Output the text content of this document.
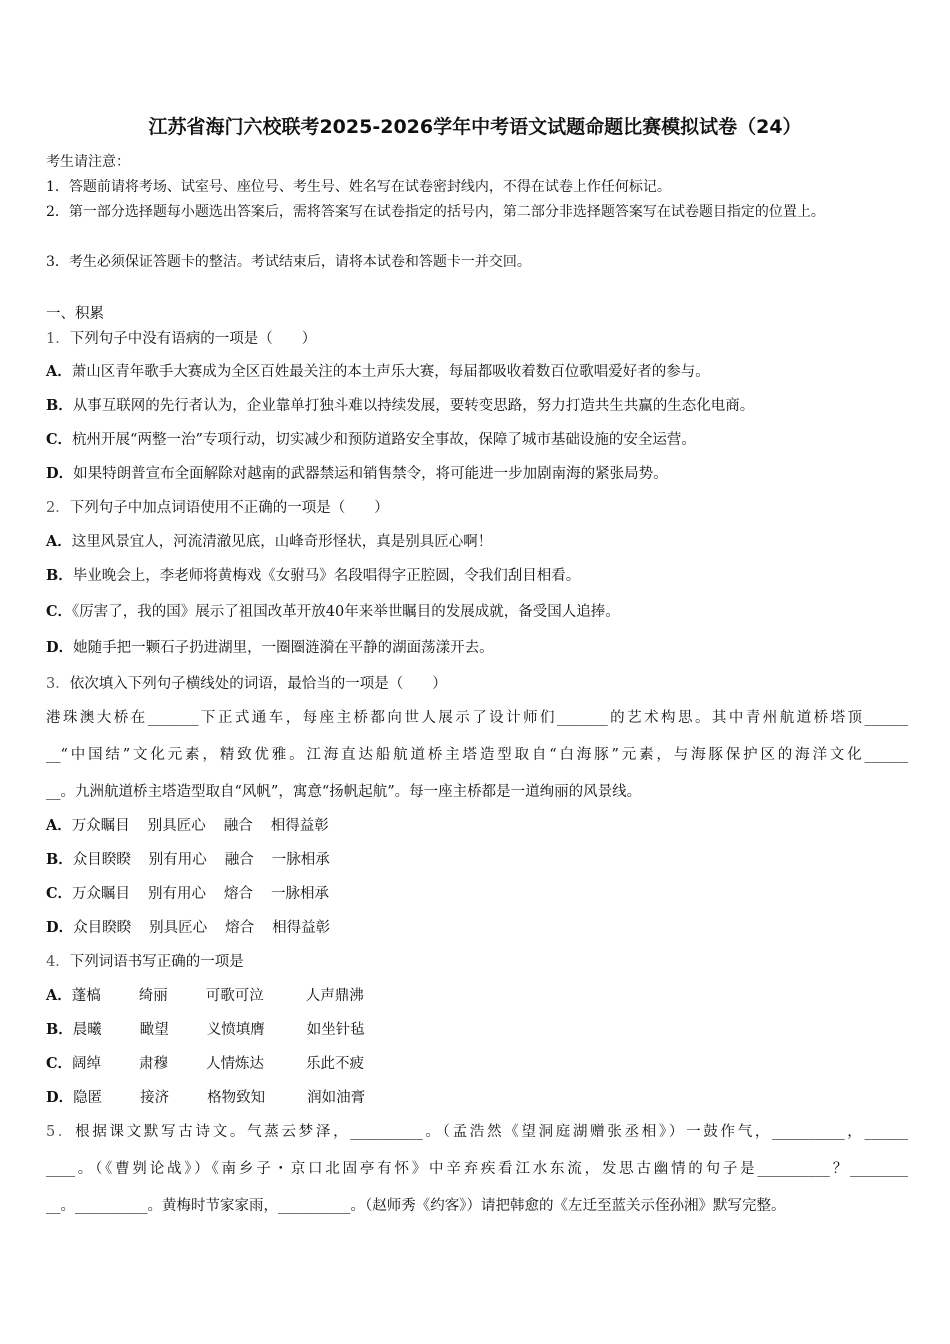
江苏省海门六校联考2025-2026学年中考语文试题命题比赛模拟试卷（24）
考生请注意：
1．答题前请将考场、试室号、座位号、考生号、姓名写在试卷密封线内，不得在试卷上作任何标记。
2．第一部分选择题每小题选出答案后，需将答案写在试卷指定的括号内，第二部分非选择题答案写在试卷题目指定的位置上。
3．考生必须保证答题卡的整洁。考试结束后，请将本试卷和答题卡一并交回。
一、积累
1．下列句子中没有语病的一项是（　　）
A．萧山区青年歌手大赛成为全区百姓最关注的本土声乐大赛，每届都吸收着数百位歌唱爱好者的参与。
B．从事互联网的先行者认为，企业靠单打独斗难以持续发展，要转变思路，努力打造共生共赢的生态化电商。
C．杭州开展“两整一治”专项行动，切实减少和预防道路安全事故，保障了城市基础设施的安全运营。
D．如果特朗普宣布全面解除对越南的武器禁运和销售禁令，将可能进一步加剧南海的紧张局势。
2．下列句子中加点词语使用不正确的一项是（　　）
A．这里风景宜人，河流清澈见底，山峰奇形怪状，真是别具匠心啊！
B．毕业晚会上，李老师将黄梅戏《女驸马》名段唱得字正腔圆，令我们刮目相看。
C．《厉害了，我的国》展示了祖国改革开放40年来举世瞩目的发展成就，备受国人追捧。
D．她随手把一颗石子扔进湖里，一圈圈涟漪在平静的湖面荡漾开去。
3．依次填入下列句子横线处的词语，最恰当的一项是（　　）
港珠澳大桥在_______下正式通车，每座主桥都向世人展示了设计师们_______的艺术构思。其中青州航道桥塔顶______
__“中国结”文化元素，精致优雅。江海直达船航道桥主塔造型取自“白海豚”元素，与海豚保护区的海洋文化______
__。九洲航道桥主塔造型取自“风帆”，寓意“扬帆起航”。每一座主桥都是一道绚丽的风景线。
A．万众瞩目 别具匠心 融合 相得益彰
B．众目睽睽 别有用心 融合 一脉相承
C．万众瞩目 别有用心 熔合 一脉相承
D．众目睽睽 别具匠心 熔合 相得益彰
4．下列词语书写正确的一项是
A．蓬槁	绮丽	可歌可泣	人声鼎沸
B．晨曦	瞰望	义愤填膺	如坐针毡
C．阔绰	肃穆	人情炼达	乐此不疲
D．隐匿	接济	格物致知	润如油膏
5．根据课文默写古诗文。气蒸云梦泽，__________。（孟浩然《望洞庭湖赠张丞相》）一鼓作气，__________，______
____。（《曹刿论战》）《南乡子・京口北固亭有怀》中辛弃疾看江水东流，发思古幽情的句子是__________？________
__。__________。黄梅时节家家雨，__________。（赵师秀《约客》）请把韩愈的《左迁至蓝关示侄孙湘》默写完整。
